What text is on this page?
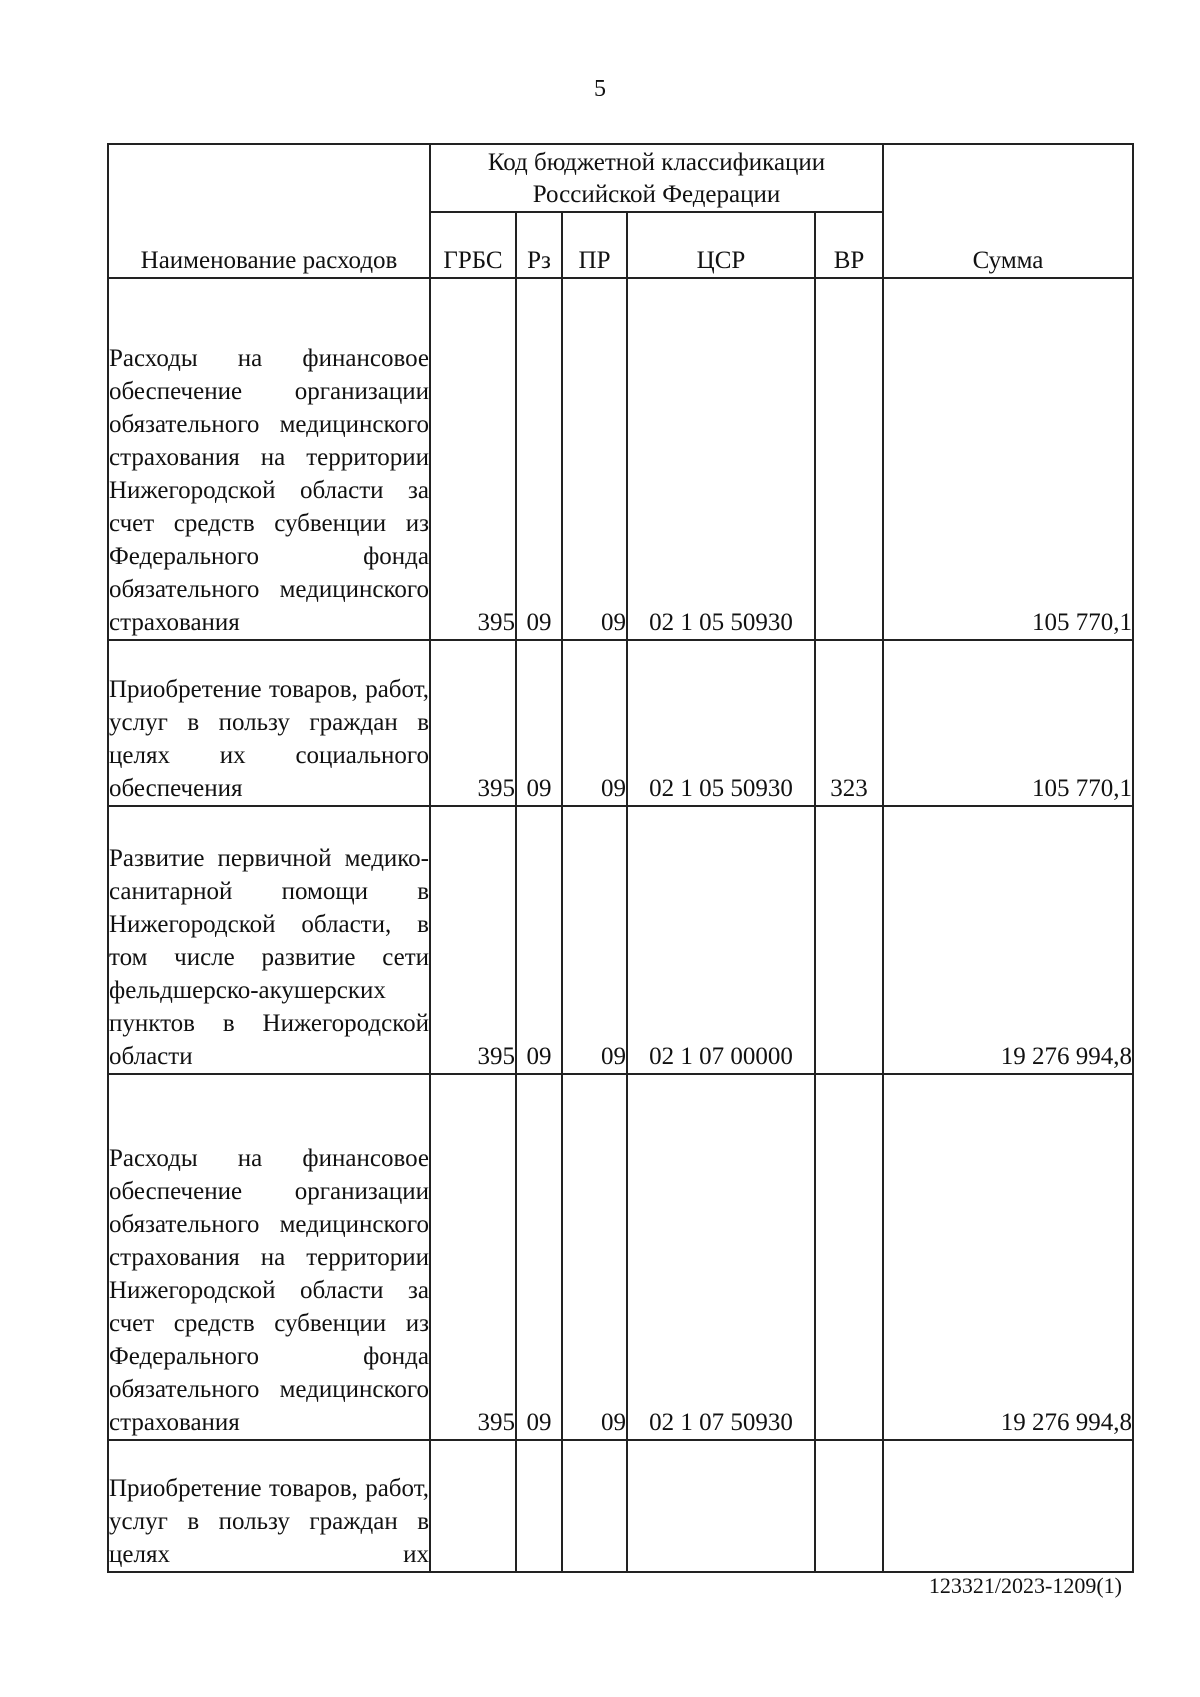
5
Наименование расходов	Код бюджетной классификации Российской Федерации					Сумма
	ГРБС	Рз	ПР	ЦСР	ВР	
Расходы на финансовое обеспечение организации обязательного медицинского страхования на территории Нижегородской области за счет средств субвенции из Федерального фонда обязательного медицинского страхования	395	09	09	02 1 05 50930		105 770,1
Приобретение товаров, работ, услуг в пользу граждан в целях их социального обеспечения	395	09	09	02 1 05 50930	323	105 770,1
Развитие первичной медико-санитарной помощи в Нижегородской области, в том числе развитие сети фельдшерско-акушерских пунктов в Нижегородской области	395	09	09	02 1 07 00000		19 276 994,8
Расходы на финансовое обеспечение организации обязательного медицинского страхования на территории Нижегородской области за счет средств субвенции из Федерального фонда обязательного медицинского страхования	395	09	09	02 1 07 50930		19 276 994,8
Приобретение товаров, работ, услуг в пользу граждан в целях их						
123321/2023-1209(1)
